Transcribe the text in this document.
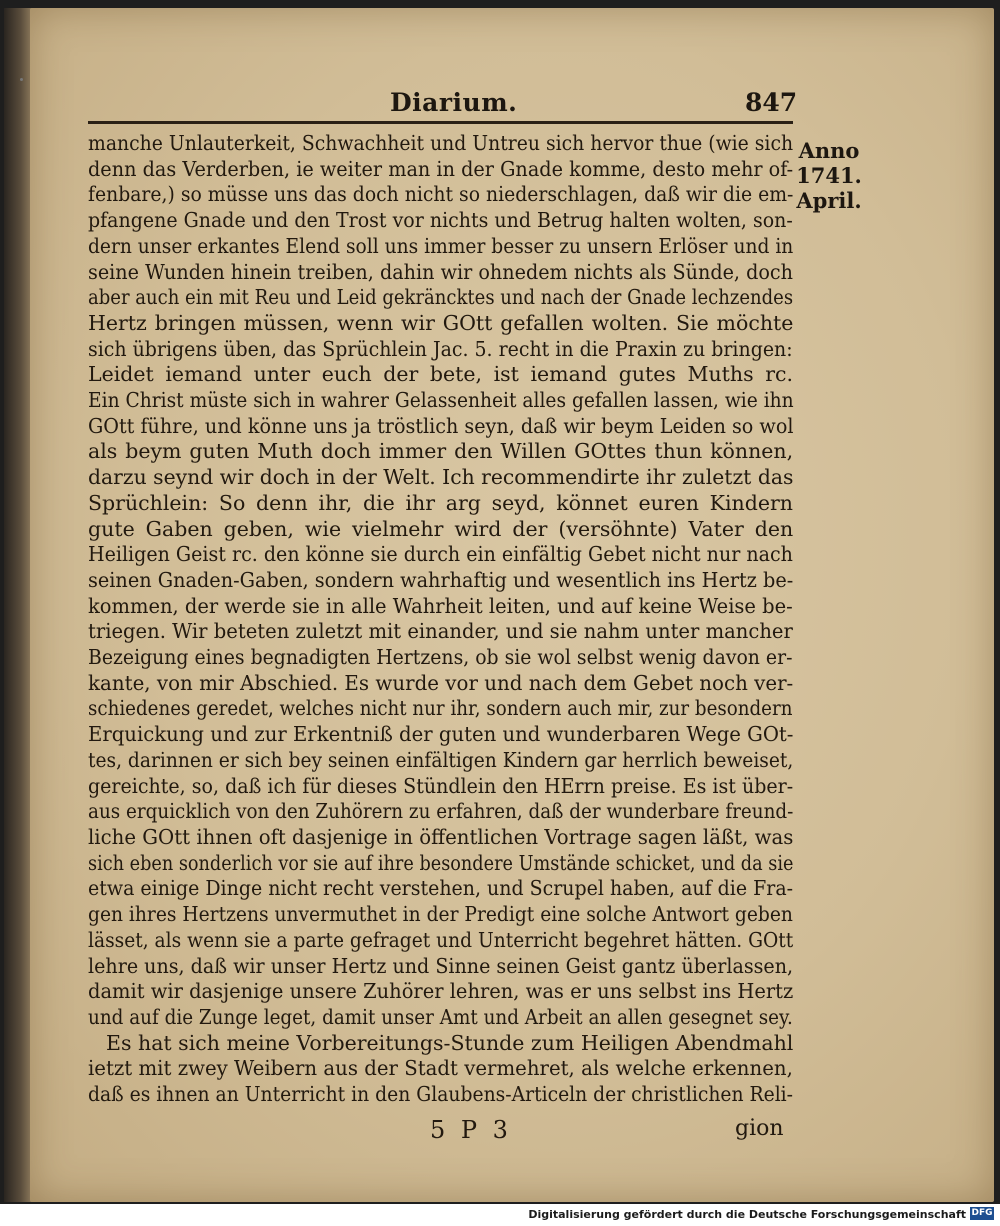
Diarium.	847
Anno
1741.
April.
manche Unlauterkeit, Schwachheit und Untreu sich hervor thue (wie sich
denn das Verderben, ie weiter man in der Gnade komme, desto mehr of-
fenbare,) so müsse uns das doch nicht so niederschlagen, daß wir die em-
pfangene Gnade und den Trost vor nichts und Betrug halten wolten, son-
dern unser erkantes Elend soll uns immer besser zu unsern Erlöser und in
seine Wunden hinein treiben, dahin wir ohnedem nichts als Sünde, doch
aber auch ein mit Reu und Leid gekräncktes und nach der Gnade lechzendes
Hertz bringen müssen, wenn wir GOtt gefallen wolten. Sie möchte
sich übrigens üben, das Sprüchlein Jac. 5. recht in die Praxin zu bringen:
Leidet iemand unter euch der bete, ist iemand gutes Muths rc.
Ein Christ müste sich in wahrer Gelassenheit alles gefallen lassen, wie ihn
GOtt führe, und könne uns ja tröstlich seyn, daß wir beym Leiden so wol
als beym guten Muth doch immer den Willen GOttes thun können,
darzu seynd wir doch in der Welt. Ich recommendirte ihr zuletzt das
Sprüchlein: So denn ihr, die ihr arg seyd, könnet euren Kindern
gute Gaben geben, wie vielmehr wird der (versöhnte) Vater den
Heiligen Geist rc. den könne sie durch ein einfältig Gebet nicht nur nach
seinen Gnaden-Gaben, sondern wahrhaftig und wesentlich ins Hertz be-
kommen, der werde sie in alle Wahrheit leiten, und auf keine Weise be-
triegen. Wir beteten zuletzt mit einander, und sie nahm unter mancher
Bezeigung eines begnadigten Hertzens, ob sie wol selbst wenig davon er-
kante, von mir Abschied. Es wurde vor und nach dem Gebet noch ver-
schiedenes geredet, welches nicht nur ihr, sondern auch mir, zur besondern
Erquickung und zur Erkentniß der guten und wunderbaren Wege GOt-
tes, darinnen er sich bey seinen einfältigen Kindern gar herrlich beweiset,
gereichte, so, daß ich für dieses Stündlein den HErrn preise. Es ist über-
aus erquicklich von den Zuhörern zu erfahren, daß der wunderbare freund-
liche GOtt ihnen oft dasjenige in öffentlichen Vortrage sagen läßt, was
sich eben sonderlich vor sie auf ihre besondere Umstände schicket, und da sie
etwa einige Dinge nicht recht verstehen, und Scrupel haben, auf die Fra-
gen ihres Hertzens unvermuthet in der Predigt eine solche Antwort geben
lässet, als wenn sie a parte gefraget und Unterricht begehret hätten. GOtt
lehre uns, daß wir unser Hertz und Sinne seinen Geist gantz überlassen,
damit wir dasjenige unsere Zuhörer lehren, was er uns selbst ins Hertz
und auf die Zunge leget, damit unser Amt und Arbeit an allen gesegnet sey.
Es hat sich meine Vorbereitungs-Stunde zum Heiligen Abendmahl
ietzt mit zwey Weibern aus der Stadt vermehret, als welche erkennen,
daß es ihnen an Unterricht in den Glaubens-Articeln der christlichen Reli-
5 P 3	gion
Digitalisierung gefördert durch die Deutsche Forschungsgemeinschaft DFG
